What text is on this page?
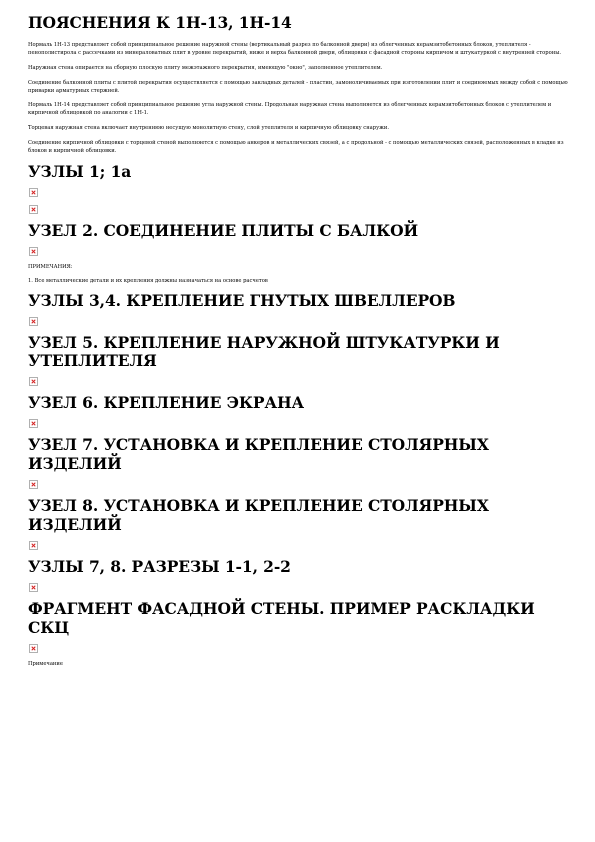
ПОЯСНЕНИЯ К 1Н-13, 1Н-14

Нормаль 1Н-13 представляет собой принципиальное решение наружной стены (вертикальный разрез по балконной двери) из облегченных керамзитобетонных блоков, утеплителя - пенополистирола с рассечками из минераловатных плит в уровне перекрытий, ниже и верха балконной двери, облицовки с фасадной стороны кирпичом и штукатуркой с внутренней стороны.

Наружная стена опирается на сборную плоскую плиту межэтажного перекрытия, имеющую "окно", заполненное утеплителем.

Соединение балконной плиты с плитой перекрытия осуществляется с помощью закладных деталей - пластин, замоноличиваемых при изготовлении плит и соединяемых между собой с помощью приварки арматурных стержней.

Нормаль 1Н-14 представляет собой принципиальное решение угла наружной стены. Продольная наружная стена выполняется из облегченных керамзитобетонных блоков с утеплителем и кирпичной облицовкой по аналогии с 1Н-1.

Торцевая наружная стена включает внутреннюю несущую монолитную стену, слой утеплителя и кирпичную облицовку снаружи.

Соединение кирпичной облицовки с торцевой стеной выполняется с помощью анкеров и металлических связей, а с продольной - с помощью металлических связей, расположенных в кладке из блоков и кирпичной облицовки.

УЗЛЫ 1; 1а
УЗЕЛ 2. СОЕДИНЕНИЕ ПЛИТЫ С БАЛКОЙ

ПРИМЕЧАНИЯ:

1. Все металлические детали и их крепления должны назначаться на основе расчетов

УЗЛЫ 3,4. КРЕПЛЕНИЕ ГНУТЫХ ШВЕЛЛЕРОВ
УЗЕЛ 5. КРЕПЛЕНИЕ НАРУЖНОЙ ШТУКАТУРКИ И УТЕПЛИТЕЛЯ
УЗЕЛ 6. КРЕПЛЕНИЕ ЭКРАНА
УЗЕЛ 7. УСТАНОВКА И КРЕПЛЕНИЕ СТОЛЯРНЫХ ИЗДЕЛИЙ
УЗЕЛ 8. УСТАНОВКА И КРЕПЛЕНИЕ СТОЛЯРНЫХ ИЗДЕЛИЙ
УЗЛЫ 7, 8. РАЗРЕЗЫ 1-1, 2-2
ФРАГМЕНТ ФАСАДНОЙ СТЕНЫ. ПРИМЕР РАСКЛАДКИ СКЦ

Примечание
